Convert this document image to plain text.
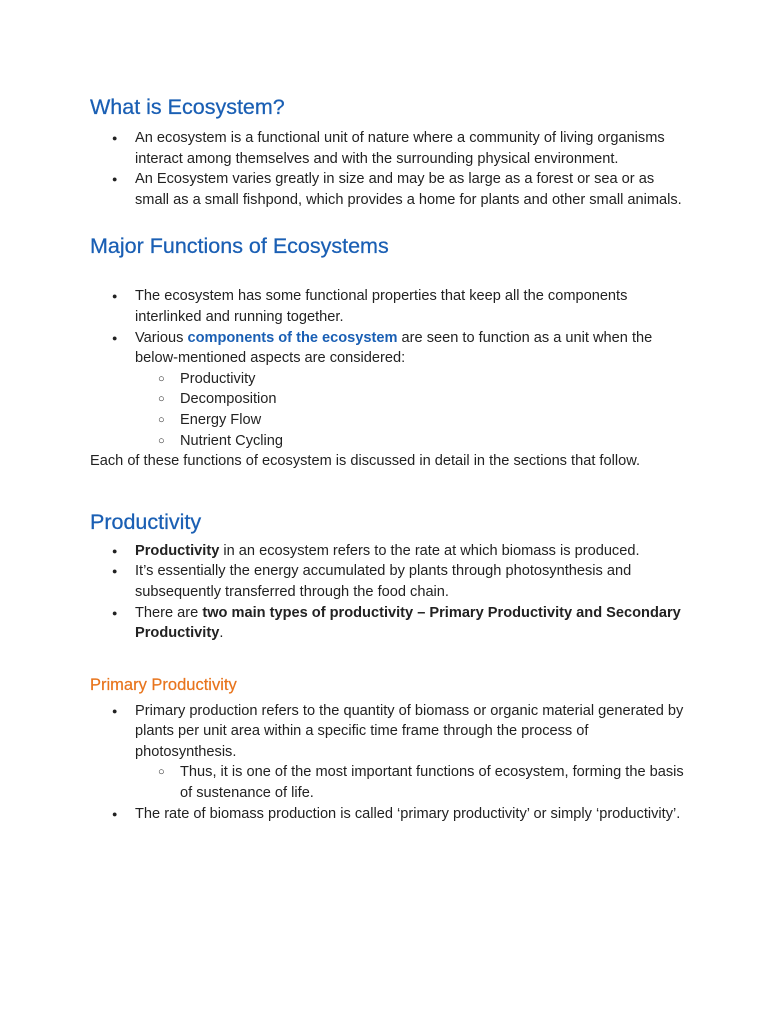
What is Ecosystem?
● An ecosystem is a functional unit of nature where a community of living organisms interact among themselves and with the surrounding physical environment.
● An Ecosystem varies greatly in size and may be as large as a forest or sea or as small as a small fishpond, which provides a home for plants and other small animals.
Major Functions of Ecosystems
● The ecosystem has some functional properties that keep all the components interlinked and running together.
● Various components of the ecosystem are seen to function as a unit when the below-mentioned aspects are considered:
○ Productivity
○ Decomposition
○ Energy Flow
○ Nutrient Cycling

Each of these functions of ecosystem is discussed in detail in the sections that follow.

Productivity
● Productivity in an ecosystem refers to the rate at which biomass is produced.
● It’s essentially the energy accumulated by plants through photosynthesis and subsequently transferred through the food chain.
● There are two main types of productivity – Primary Productivity and Secondary Productivity.
Primary Productivity
● Primary production refers to the quantity of biomass or organic material generated by plants per unit area within a specific time frame through the process of photosynthesis.
○ Thus, it is one of the most important functions of ecosystem, forming the basis of sustenance of life.
● The rate of biomass production is called ‘primary productivity’ or simply ‘productivity’.
